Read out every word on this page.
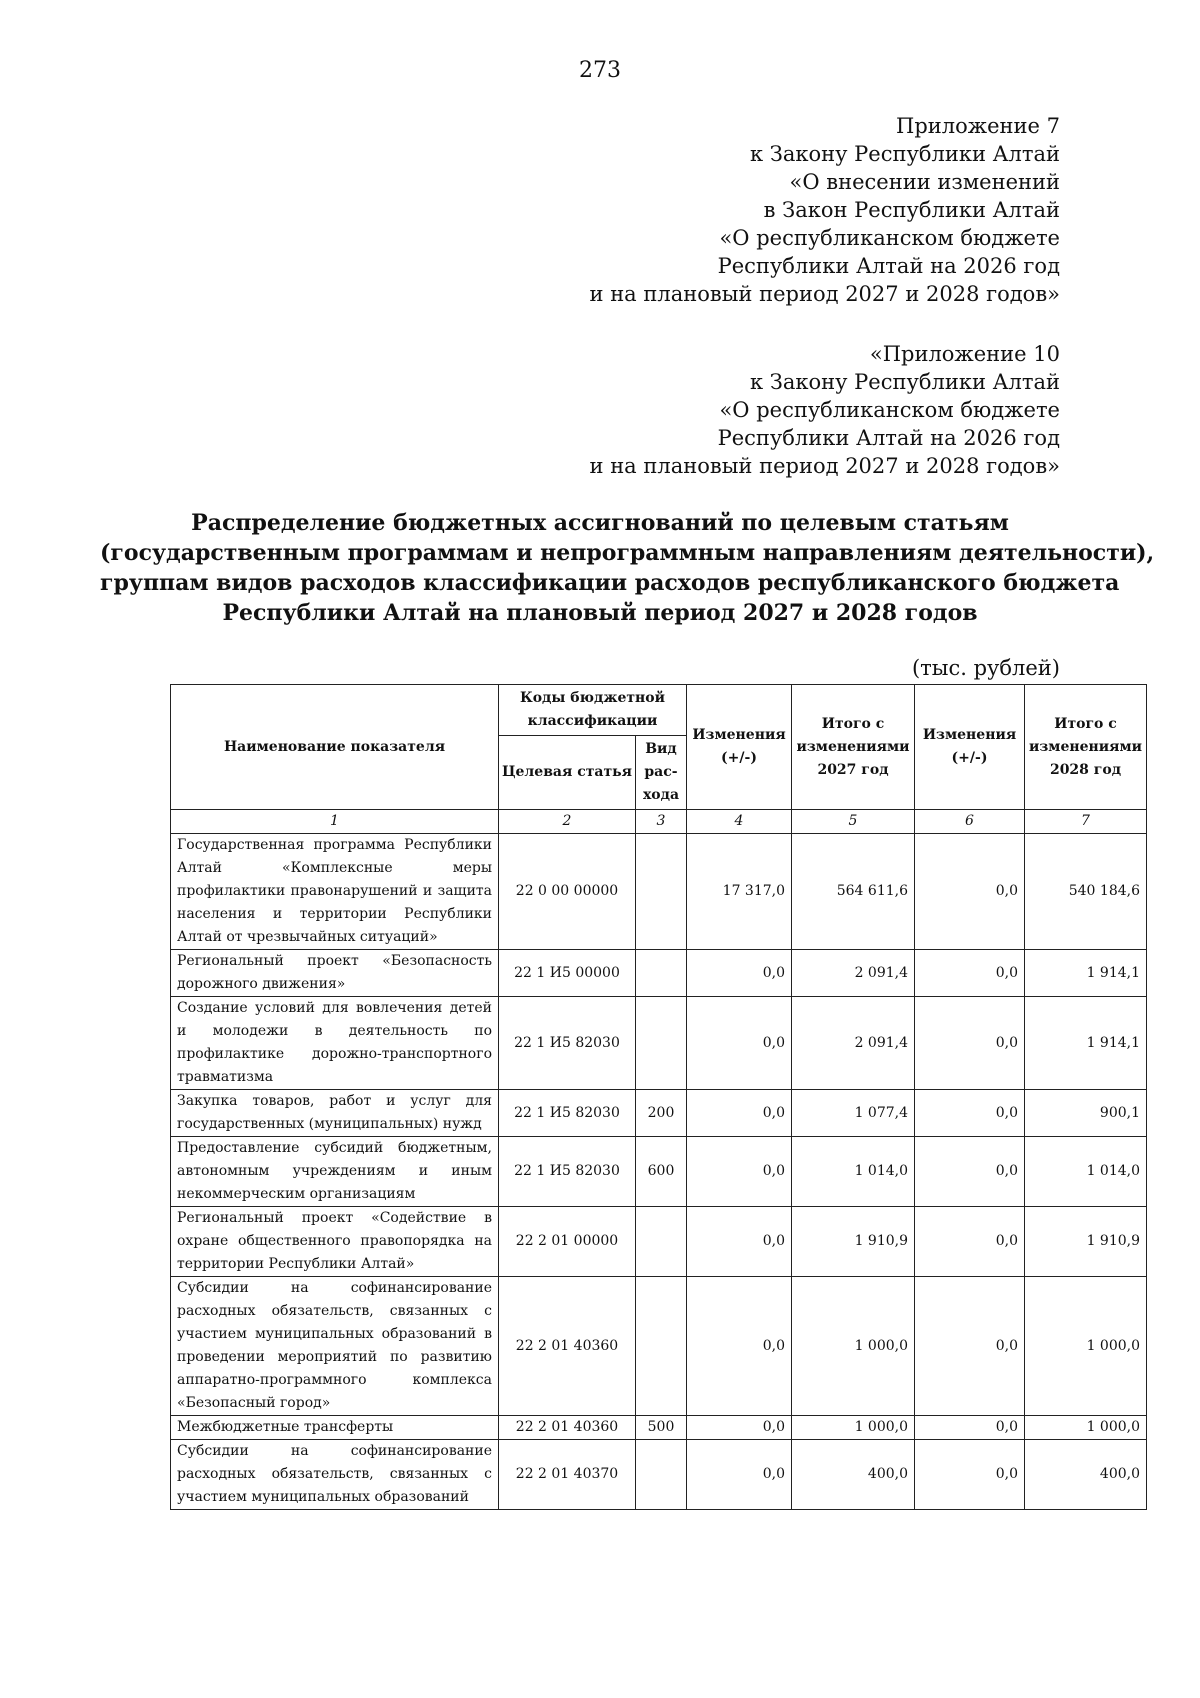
273
Приложение 7
к Закону Республики Алтай
«О внесении изменений
в Закон Республики Алтай
«О республиканском бюджете
Республики Алтай на 2026 год
и на плановый период 2027 и 2028 годов»
«Приложение 10
к Закону Республики Алтай
«О республиканском бюджете
Республики Алтай на 2026 год
и на плановый период 2027 и 2028 годов»
Распределение бюджетных ассигнований по целевым статьям
(государственным программам и непрограммным направлениям деятельности),
группам видов расходов классификации расходов республиканского бюджета
Республики Алтай на плановый период 2027 и 2028 годов
(тыс. рублей)
Наименование показателя	Коды бюджетной классификации		Изменения (+/-)	Итого с изменениями 2027 год	Изменения (+/-)	Итого с изменениями 2028 год
	Целевая статья	Вид рас-хода				
1	2	3	4	5	6	7
Государственная программа Республики Алтай «Комплексные меры профилактики правонарушений и защита населения и территории Республики Алтай от чрезвычайных ситуаций»	22 0 00 00000		17 317,0	564 611,6	0,0	540 184,6
Региональный проект «Безопасность дорожного движения»	22 1 И5 00000		0,0	2 091,4	0,0	1 914,1
Создание условий для вовлечения детей и молодежи в деятельность по профилактике дорожно-транспортного травматизма	22 1 И5 82030		0,0	2 091,4	0,0	1 914,1
Закупка товаров, работ и услуг для государственных (муниципальных) нужд	22 1 И5 82030	200	0,0	1 077,4	0,0	900,1
Предоставление субсидий бюджетным, автономным учреждениям и иным некоммерческим организациям	22 1 И5 82030	600	0,0	1 014,0	0,0	1 014,0
Региональный проект «Содействие в охране общественного правопорядка на территории Республики Алтай»	22 2 01 00000		0,0	1 910,9	0,0	1 910,9
Субсидии на софинансирование расходных обязательств, связанных с участием муниципальных образований в проведении мероприятий по развитию аппаратно-программного комплекса «Безопасный город»	22 2 01 40360		0,0	1 000,0	0,0	1 000,0
Межбюджетные трансферты	22 2 01 40360	500	0,0	1 000,0	0,0	1 000,0
Субсидии на софинансирование расходных обязательств, связанных с участием муниципальных образований	22 2 01 40370		0,0	400,0	0,0	400,0
